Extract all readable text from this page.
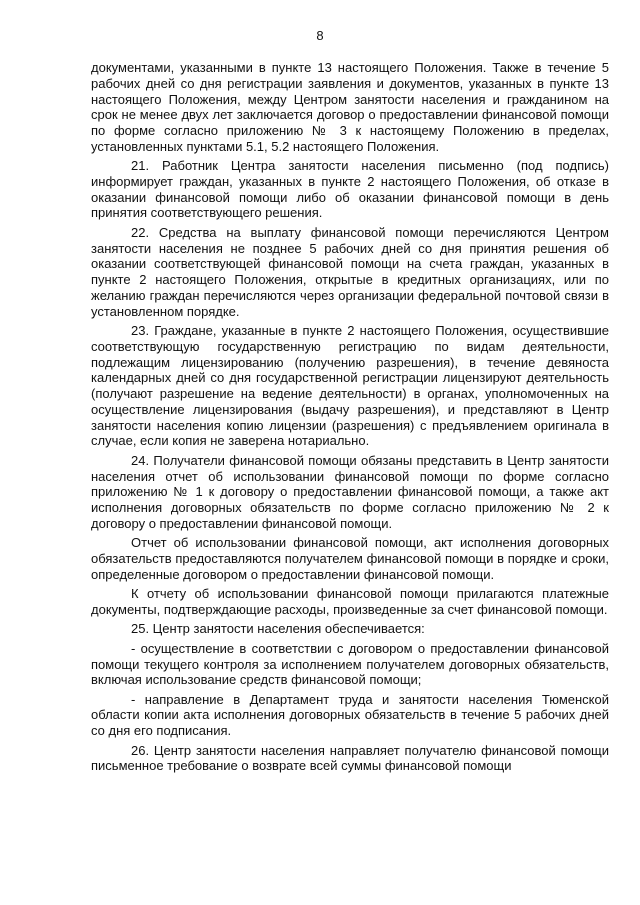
8

документами, указанными в пункте 13 настоящего Положения. Также в течение 5 рабочих дней со дня регистрации заявления и документов, указанных в пункте 13 настоящего Положения, между Центром занятости населения и гражданином на срок не менее двух лет заключается договор о предоставлении финансовой помощи по форме согласно приложению № 3 к настоящему Положению в пределах, установленных пунктами 5.1, 5.2 настоящего Положения.

21. Работник Центра занятости населения письменно (под подпись) информирует граждан, указанных в пункте 2 настоящего Положения, об отказе в оказании финансовой помощи либо об оказании финансовой помощи в день принятия соответствующего решения.

22. Средства на выплату финансовой помощи перечисляются Центром занятости населения не позднее 5 рабочих дней со дня принятия решения об оказании соответствующей финансовой помощи на счета граждан, указанных в пункте 2 настоящего Положения, открытые в кредитных организациях, или по желанию граждан перечисляются через организации федеральной почтовой связи в установленном порядке.

23. Граждане, указанные в пункте 2 настоящего Положения, осуществившие соответствующую государственную регистрацию по видам деятельности, подлежащим лицензированию (получению разрешения), в течение девяноста календарных дней со дня государственной регистрации лицензируют деятельность (получают разрешение на ведение деятельности) в органах, уполномоченных на осуществление лицензирования (выдачу разрешения), и представляют в Центр занятости населения копию лицензии (разрешения) с предъявлением оригинала в случае, если копия не заверена нотариально.

24. Получатели финансовой помощи обязаны представить в Центр занятости населения отчет об использовании финансовой помощи по форме согласно приложению № 1 к договору о предоставлении финансовой помощи, а также акт исполнения договорных обязательств по форме согласно приложению № 2 к договору о предоставлении финансовой помощи.

Отчет об использовании финансовой помощи, акт исполнения договорных обязательств предоставляются получателем финансовой помощи в порядке и сроки, определенные договором о предоставлении финансовой помощи.

К отчету об использовании финансовой помощи прилагаются платежные документы, подтверждающие расходы, произведенные за счет финансовой помощи.

25. Центр занятости населения обеспечивается:

- осуществление в соответствии с договором о предоставлении финансовой помощи текущего контроля за исполнением получателем договорных обязательств, включая использование средств финансовой помощи;

- направление в Департамент труда и занятости населения Тюменской области копии акта исполнения договорных обязательств в течение 5 рабочих дней со дня его подписания.

26. Центр занятости населения направляет получателю финансовой помощи письменное требование о возврате всей суммы финансовой помощи
